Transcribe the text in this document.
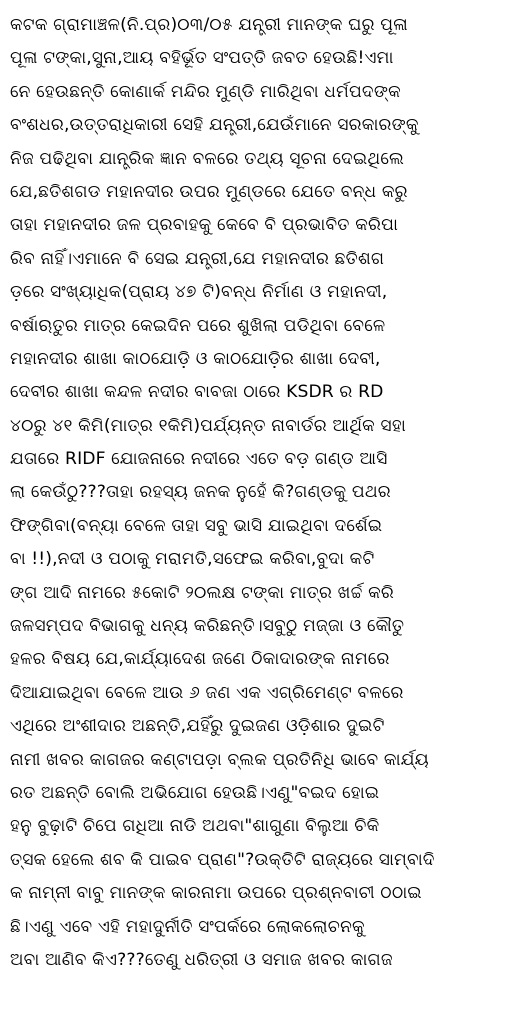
କଟକ ଗ୍ରାମାଞ୍ଚଳ(ନି.ପ୍ର)୦୩/୦୫ ଯନ୍ତ୍ରୀ ମାନଙ୍କ ଘରୁ ପୂଳା
ପୂଳା ଟଙ୍କା,ସୁନା,ଆୟ ବହିର୍ଭୂତ ସଂପତ୍ତି ଜବତ ହେଉଛି!ଏମା
ନେ ହେଉଛନ୍ତି କୋଣାର୍କ ମନ୍ଦିର ମୁଣ୍ଡି ମାରିଥିବା ଧର୍ମପଦଙ୍କ
ବଂଶଧର,ଉତ୍ତରାଧିକାରୀ ସେହି ଯନ୍ତ୍ରୀ,ଯେଉଁମାନେ ସରକାରଙ୍କୁ
ନିଜ ପଢିଥିବା ଯାନ୍ତ୍ରିକ ଜ୍ଞାନ ବଳରେ ତଥ୍ୟ ସୂଚନା ଦେଇଥିଲେ
ଯେ,ଛତିଶଗଡ ମହାନଦୀର ଉପର ମୁଣ୍ଡରେ ଯେତେ ବନ୍ଧ କରୁ
ତାହା ମହାନଦୀର ଜଳ ପ୍ରବାହକୁ କେବେ ବି ପ୍ରଭାବିତ କରିପା
ରିବ ନାହିଁ।ଏମାନେ ବି ସେଇ ଯନ୍ତ୍ରୀ,ଯେ ମହାନଦୀର ଛତିଶଗ
ଡ଼ରେ ସଂଖ୍ୟାଧିକ(ପ୍ରାୟ ୪୭ ଟି)ବନ୍ଧ ନିର୍ମାଣ ଓ ମହାନଦୀ,
ବର୍ଷାଋତୁର ମାତ୍ର କେଇଦିନ ପରେ ଶୁଖିଲା ପଡିଥିବା ବେଳେ
ମହାନଦୀର ଶାଖା କାଠଯୋଡ଼ି ଓ କାଠଯୋଡ଼ିର ଶାଖା ଦେବୀ,
ଦେବୀର ଶାଖା କନ୍ଦଳ ନଦୀର ବାବଜା ଠାରେ KSDR ର RD
୪୦ରୁ ୪୧ କିମି(ମାତ୍ର ୧କିମି)ପର୍ଯ୍ୟନ୍ତ ନାବାର୍ଡର ଆର୍ଥିକ ସହା
ଯତାରେ RIDF ଯୋଜନାରେ ନଦୀରେ ଏତେ ବଡ଼ ଗଣ୍ଡ ଆସି
ଲା କେଉଁଠୁ???ତାହା ରହସ୍ୟ ଜନକ ନୁହେଁ କି?ଗଣ୍ଡକୁ ପଥର
ଫିଙ୍ଗିବା(ବନ୍ୟା ବେଳେ ତାହା ସବୁ ଭାସି ଯାଇଥିବା ଦର୍ଶେଇ
ବା !!),ନଦୀ ଓ ପଠାକୁ ମରାମତି,ସଫେଇ କରିବା,ବୁଦା କଟି
ଙ୍ଗ ଆଦି ନାମରେ ୫କୋଟି ୨୦ଲକ୍ଷ ଟଙ୍କା ମାତ୍ର ଖର୍ଚ୍ଚ କରି
ଜଳସମ୍ପଦ ବିଭାଗକୁ ଧନ୍ୟ କରିଛନ୍ତି।ସବୁଠୁ ମଜ୍ଜା ଓ କୌତୁ
ହଳର ବିଷୟ ଯେ,କାର୍ଯ୍ୟାଦେଶ ଜଣେ ଠିକାଦାରଙ୍କ ନାମରେ
ଦିଆଯାଇଥିବା ବେଳେ ଆଉ ୬ ଜଣ ଏକ ଏଗ୍ରିମେଣ୍ଟ ବଳରେ
ଏଥିରେ ଅଂଶୀଦାର ଅଛନ୍ତି,ଯହିଁରୁ ଦୁଇଜଣ ଓଡ଼ିଶାର ଦୁଇଟି
ନାମୀ ଖବର କାଗଜର କଣ୍ଟାପଡ଼ା ବ୍ଲକ ପ୍ରତିନିଧି ଭାବେ କାର୍ଯ୍ୟ
ରତ ଅଛନ୍ତି ବୋଲି ଅଭିଯୋଗ ହେଉଛି।ଏଣୁ"ବଇଦ ହୋଇ
ହନୁ ବୁଢ଼ାଟି ଚିପେ ଗଧିଆ ନାଡି ଅଥବା"ଶାଗୁଣା ବିଲୁଆ ଚିକି
ତ୍ସକ ହେଲେ ଶବ କି ପାଇବ ପ୍ରାଣ"?ଉକ୍ତିଟି ରାଜ୍ୟରେ ସାମ୍ବାଦି
କ ନାମ୍ନୀ ବାବୁ ମାନଙ୍କ କାରନାମା ଉପରେ ପ୍ରଶ୍ନବାଚୀ ଠଠାଇ
ଛି।ଏଣୁ ଏବେ ଏହି ମହାଦୁର୍ନୀତି ସଂପର୍କରେ ଲୋକଲୋଚନକୁ
ଅବା ଆଣିବ କିଏ???ତେଣୁ ଧରିତ୍ରୀ ଓ ସମାଜ ଖବର କାଗଜ
